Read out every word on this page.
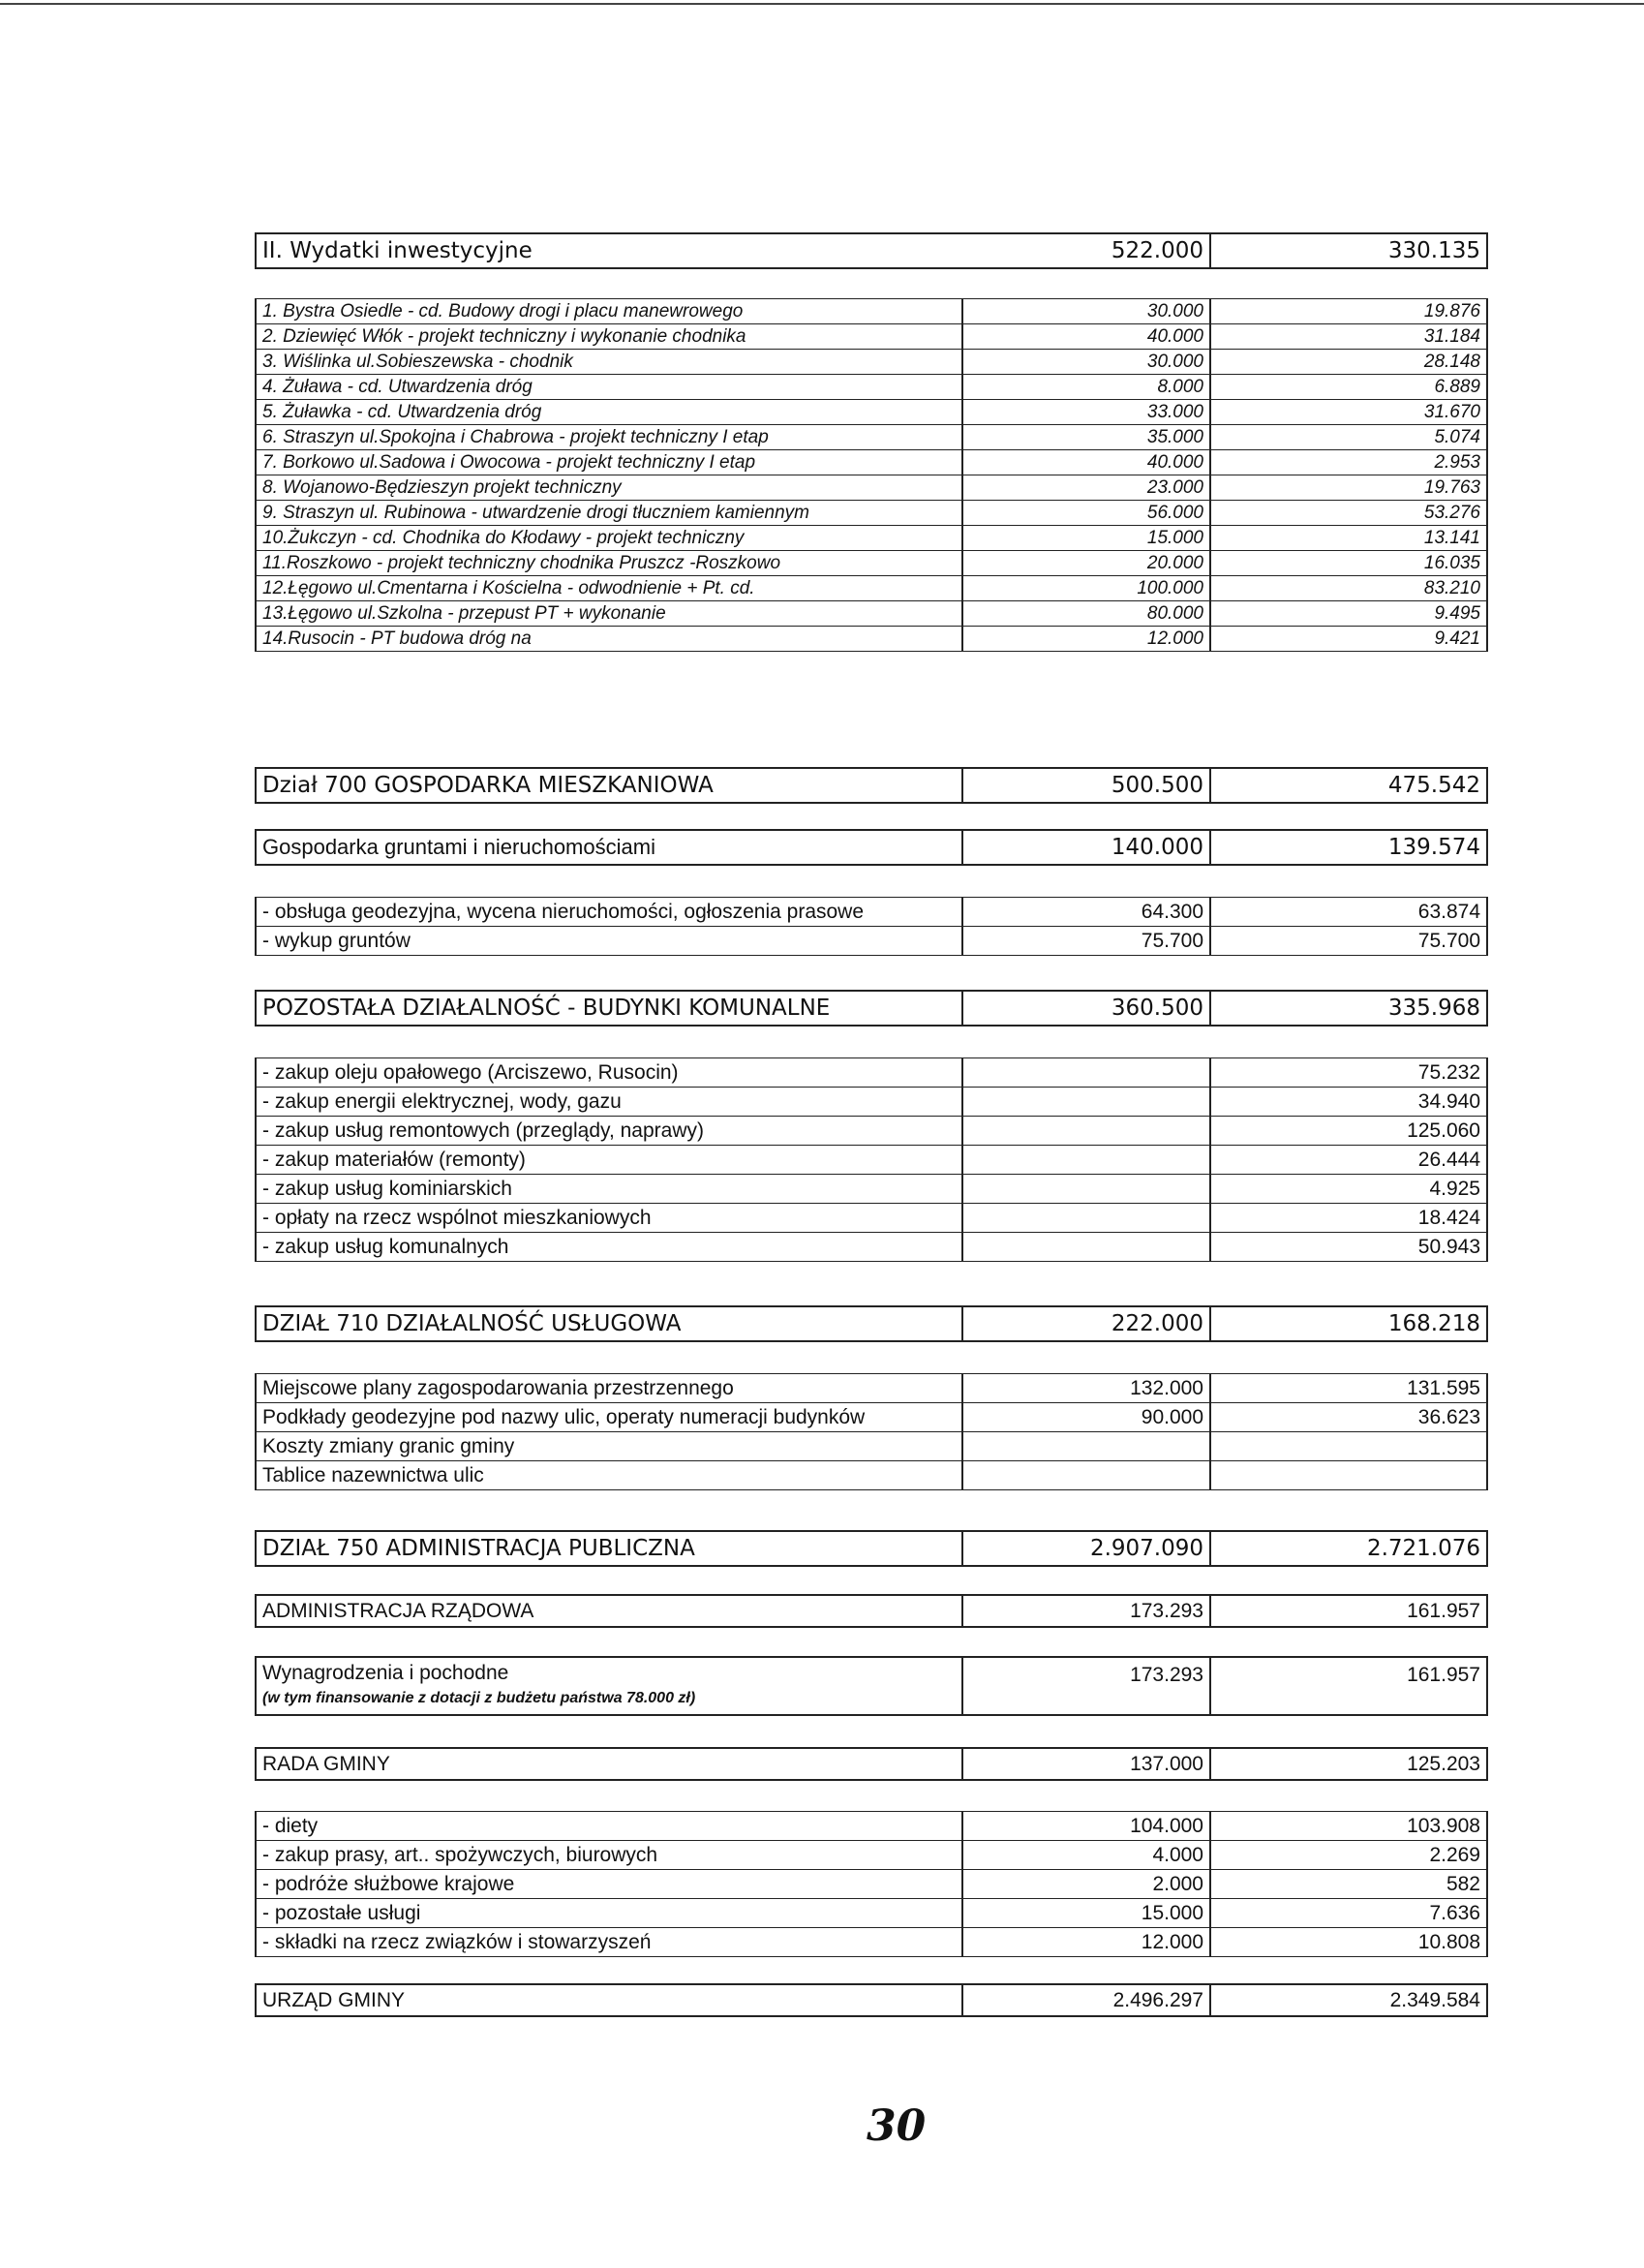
II. Wydatki inwestycyjne	522.000	330.135
1. Bystra Osiedle - cd. Budowy drogi i placu manewrowego	30.000	19.876
2. Dziewięć Włók - projekt techniczny i wykonanie chodnika	40.000	31.184
3. Wiślinka ul.Sobieszewska - chodnik	30.000	28.148
4. Żuława - cd. Utwardzenia dróg	8.000	6.889
5. Żuławka - cd. Utwardzenia dróg	33.000	31.670
6. Straszyn ul.Spokojna i Chabrowa - projekt techniczny I etap	35.000	5.074
7. Borkowo ul.Sadowa i Owocowa - projekt techniczny I etap	40.000	2.953
8. Wojanowo-Będzieszyn projekt techniczny	23.000	19.763
9. Straszyn ul. Rubinowa - utwardzenie drogi tłuczniem kamiennym	56.000	53.276
10.Żukczyn - cd. Chodnika do Kłodawy - projekt techniczny	15.000	13.141
11.Roszkowo - projekt techniczny chodnika Pruszcz -Roszkowo	20.000	16.035
12.Łęgowo ul.Cmentarna i Kościelna - odwodnienie + Pt. cd.	100.000	83.210
13.Łęgowo ul.Szkolna - przepust PT + wykonanie	80.000	9.495
14.Rusocin - PT budowa dróg na	12.000	9.421
Dział 700 GOSPODARKA MIESZKANIOWA	500.500	475.542
Gospodarka gruntami i nieruchomościami	140.000	139.574
- obsługa geodezyjna, wycena nieruchomości, ogłoszenia prasowe	64.300	63.874
- wykup gruntów	75.700	75.700
POZOSTAŁA DZIAŁALNOŚĆ - BUDYNKI KOMUNALNE	360.500	335.968
- zakup oleju opałowego (Arciszewo, Rusocin)		75.232
- zakup energii elektrycznej, wody, gazu		34.940
- zakup usług remontowych (przeglądy, naprawy)		125.060
- zakup materiałów (remonty)		26.444
- zakup usług kominiarskich		4.925
- opłaty na rzecz wspólnot mieszkaniowych		18.424
- zakup usług komunalnych		50.943
DZIAŁ 710 DZIAŁALNOŚĆ USŁUGOWA	222.000	168.218
Miejscowe plany zagospodarowania przestrzennego	132.000	131.595
Podkłady geodezyjne pod nazwy ulic, operaty numeracji budynków	90.000	36.623
Koszty zmiany granic gminy		
Tablice nazewnictwa ulic		
DZIAŁ 750 ADMINISTRACJA PUBLICZNA	2.907.090	2.721.076
ADMINISTRACJA RZĄDOWA	173.293	161.957
Wynagrodzenia i pochodne
(w tym finansowanie z dotacji z budżetu państwa 78.000 zł)
	173.293	161.957
RADA GMINY	137.000	125.203
- diety	104.000	103.908
- zakup prasy, art.. spożywczych, biurowych	4.000	2.269
- podróże służbowe krajowe	2.000	582
- pozostałe usługi	15.000	7.636
- składki na rzecz związków i stowarzyszeń	12.000	10.808
URZĄD GMINY	2.496.297	2.349.584
30
